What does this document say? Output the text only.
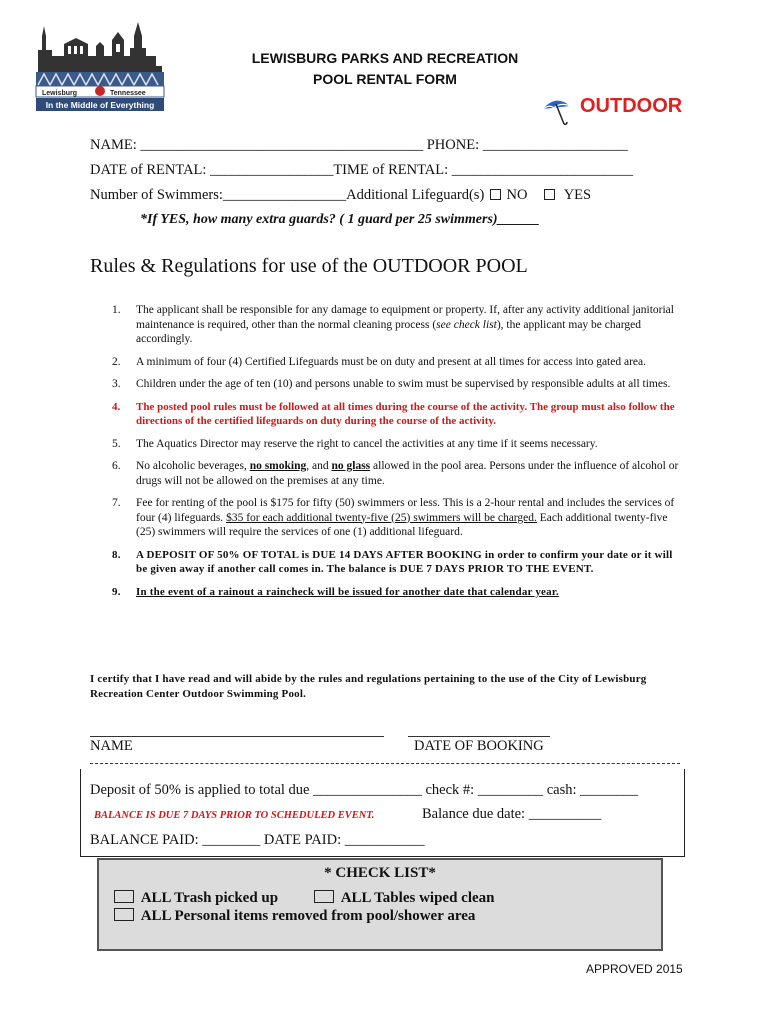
Lewisburg	Tennessee
In the Middle of Everything
LEWISBURG PARKS AND RECREATION
POOL RENTAL FORM
OUTDOOR
NAME: _______________________________________ PHONE: ____________________
DATE of RENTAL: _________________TIME of RENTAL: _________________________
Number of Swimmers:_________________Additional Lifeguard(s)  NO YES
*If YES, how many extra guards? ( 1 guard per 25 swimmers)______
Rules & Regulations for use of the OUTDOOR POOL
1.	The applicant shall be responsible for any damage to equipment or property. If, after any activity additional janitorial maintenance is required, other than the normal cleaning process (see check list), the applicant may be charged accordingly.
2.	A minimum of four (4) Certified Lifeguards must be on duty and present at all times for access into gated area.
3.	Children under the age of ten (10) and persons unable to swim must be supervised by responsible adults at all times.
4.	The posted pool rules must be followed at all times during the course of the activity. The group must also follow the directions of the certified lifeguards on duty during the course of the activity.
5.	The Aquatics Director may reserve the right to cancel the activities at any time if it seems necessary.
6.	No alcoholic beverages, no smoking, and no glass allowed in the pool area. Persons under the influence of alcohol or drugs will not be allowed on the premises at any time.
7.	Fee for renting of the pool is $175 for fifty (50) swimmers or less. This is a 2-hour rental and includes the services of four (4) lifeguards. $35 for each additional twenty-five (25) swimmers will be charged. Each additional twenty-five (25) swimmers will require the services of one (1) additional lifeguard.
8.	A DEPOSIT OF 50% OF TOTAL is DUE 14 DAYS AFTER BOOKING in order to confirm your date or it will be given away if another call comes in. The balance is DUE 7 DAYS PRIOR TO THE EVENT.
9.	In the event of a rainout a raincheck will be issued for another date that calendar year.
I certify that I have read and will abide by the rules and regulations pertaining to the use of the City of Lewisburg Recreation Center Outdoor Swimming Pool.
NAME	DATE OF BOOKING
Deposit of 50% is applied to total due _______________ check #: _________ cash: ________
BALANCE IS DUE 7 DAYS PRIOR TO SCHEDULED EVENT.	Balance due date: __________
BALANCE PAID: ________ DATE PAID: ___________
* CHECK LIST*
ALL Trash picked up	ALL Tables wiped clean
ALL Personal items removed from pool/shower area
APPROVED 2015
